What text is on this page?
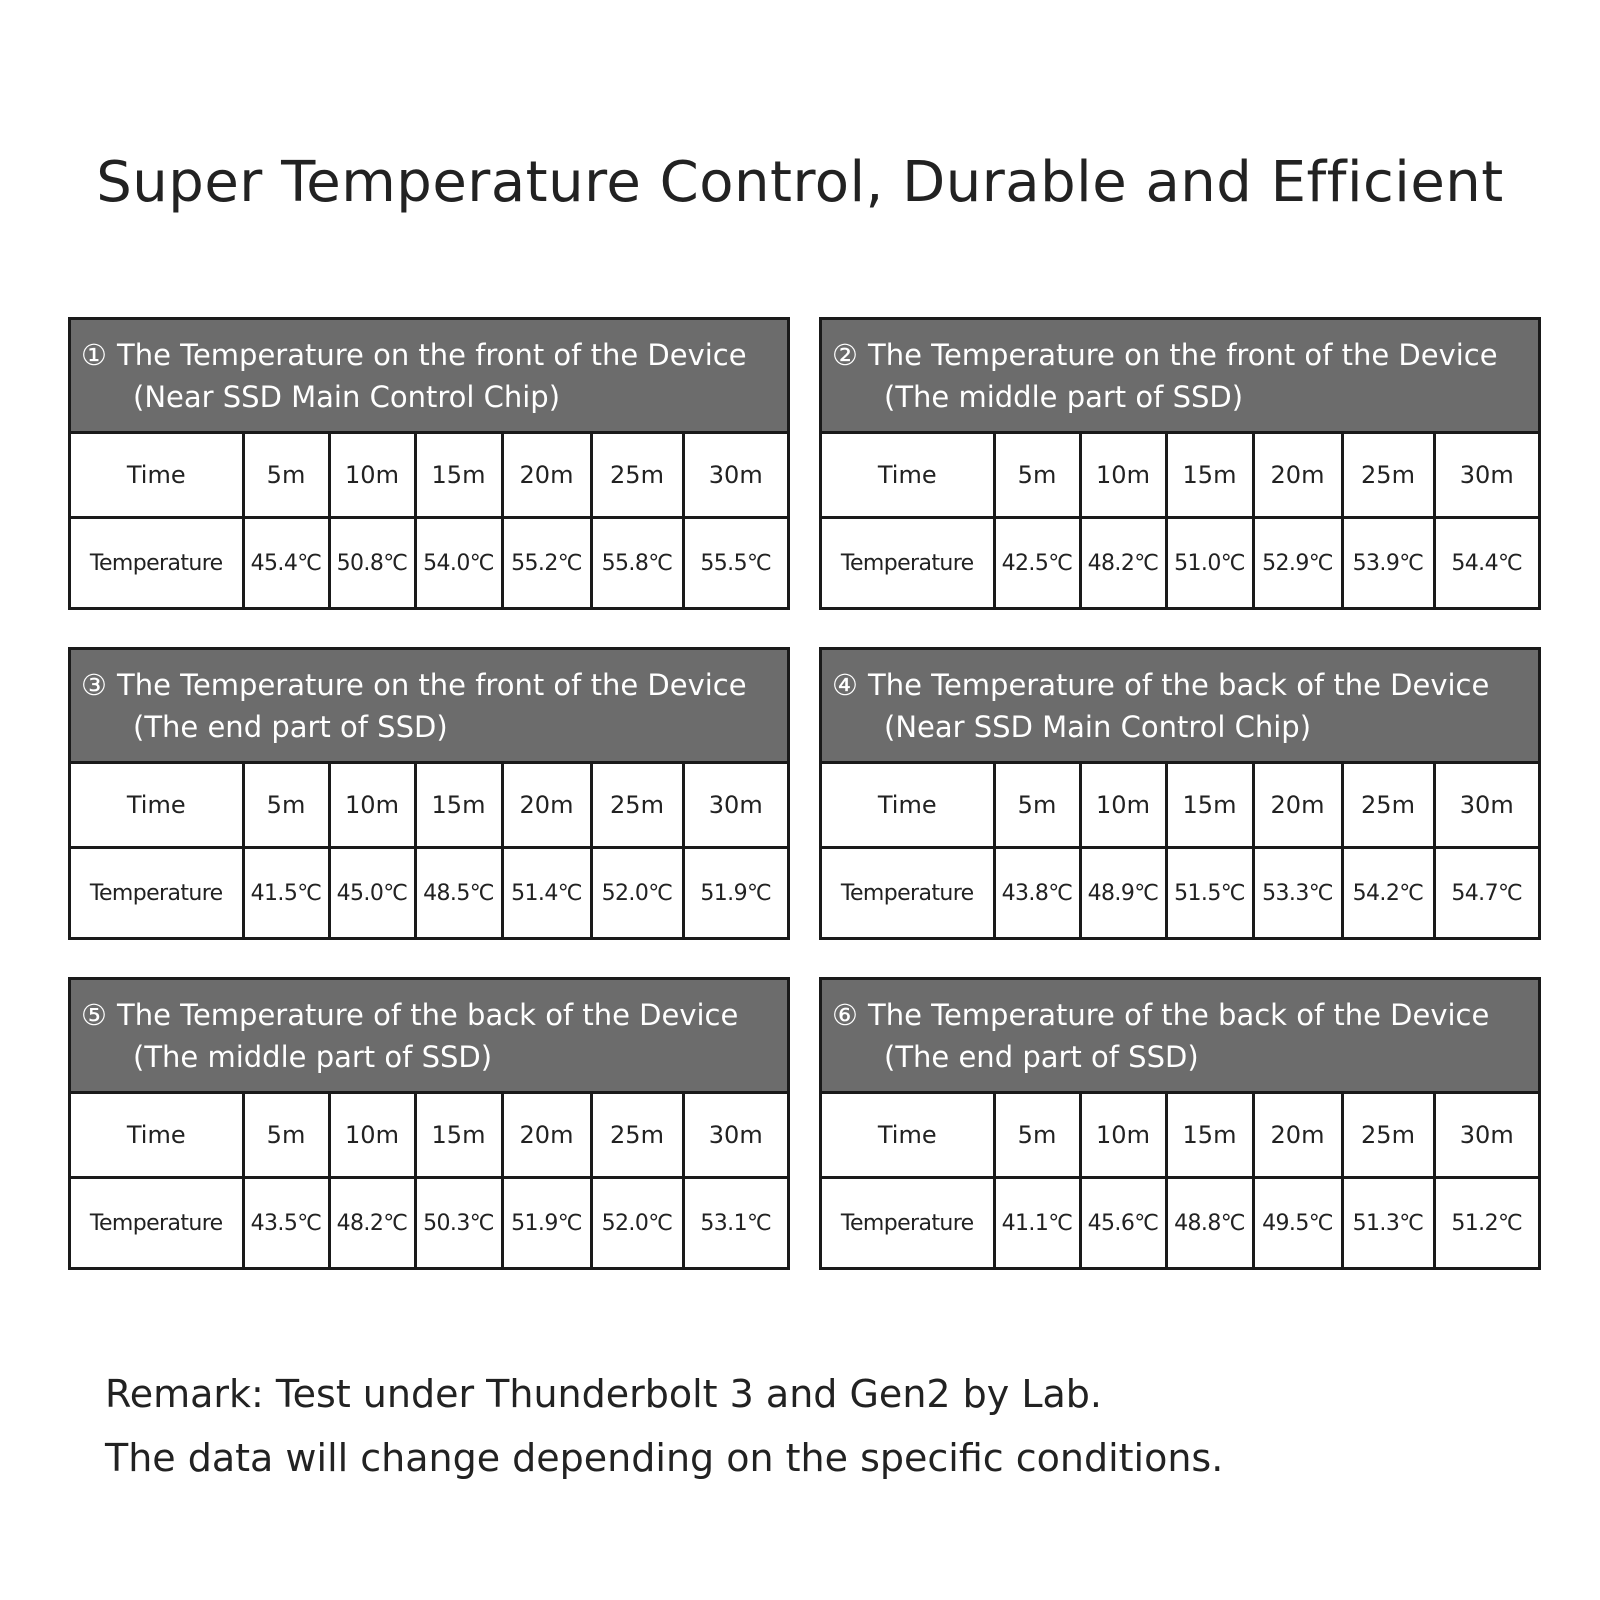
Super Temperature Control, Durable and Efficient
① The Temperature on the front of the Device
(Near SSD Main Control Chip)
Time	5m	10m	15m	20m	25m	30m
Temperature	45.4℃	50.8℃	54.0℃	55.2℃	55.8℃	55.5℃
② The Temperature on the front of the Device
(The middle part of SSD)
Time	5m	10m	15m	20m	25m	30m
Temperature	42.5℃	48.2℃	51.0℃	52.9℃	53.9℃	54.4℃
③ The Temperature on the front of the Device
(The end part of SSD)
Time	5m	10m	15m	20m	25m	30m
Temperature	41.5℃	45.0℃	48.5℃	51.4℃	52.0℃	51.9℃
④ The Temperature of the back of the Device
(Near SSD Main Control Chip)
Time	5m	10m	15m	20m	25m	30m
Temperature	43.8℃	48.9℃	51.5℃	53.3℃	54.2℃	54.7℃
⑤ The Temperature of the back of the Device
(The middle part of SSD)
Time	5m	10m	15m	20m	25m	30m
Temperature	43.5℃	48.2℃	50.3℃	51.9℃	52.0℃	53.1℃
⑥ The Temperature of the back of the Device
(The end part of SSD)
Time	5m	10m	15m	20m	25m	30m
Temperature	41.1℃	45.6℃	48.8℃	49.5℃	51.3℃	51.2℃

Remark: Test under Thunderbolt 3 and Gen2 by Lab.

The data will change depending on the specific conditions.
